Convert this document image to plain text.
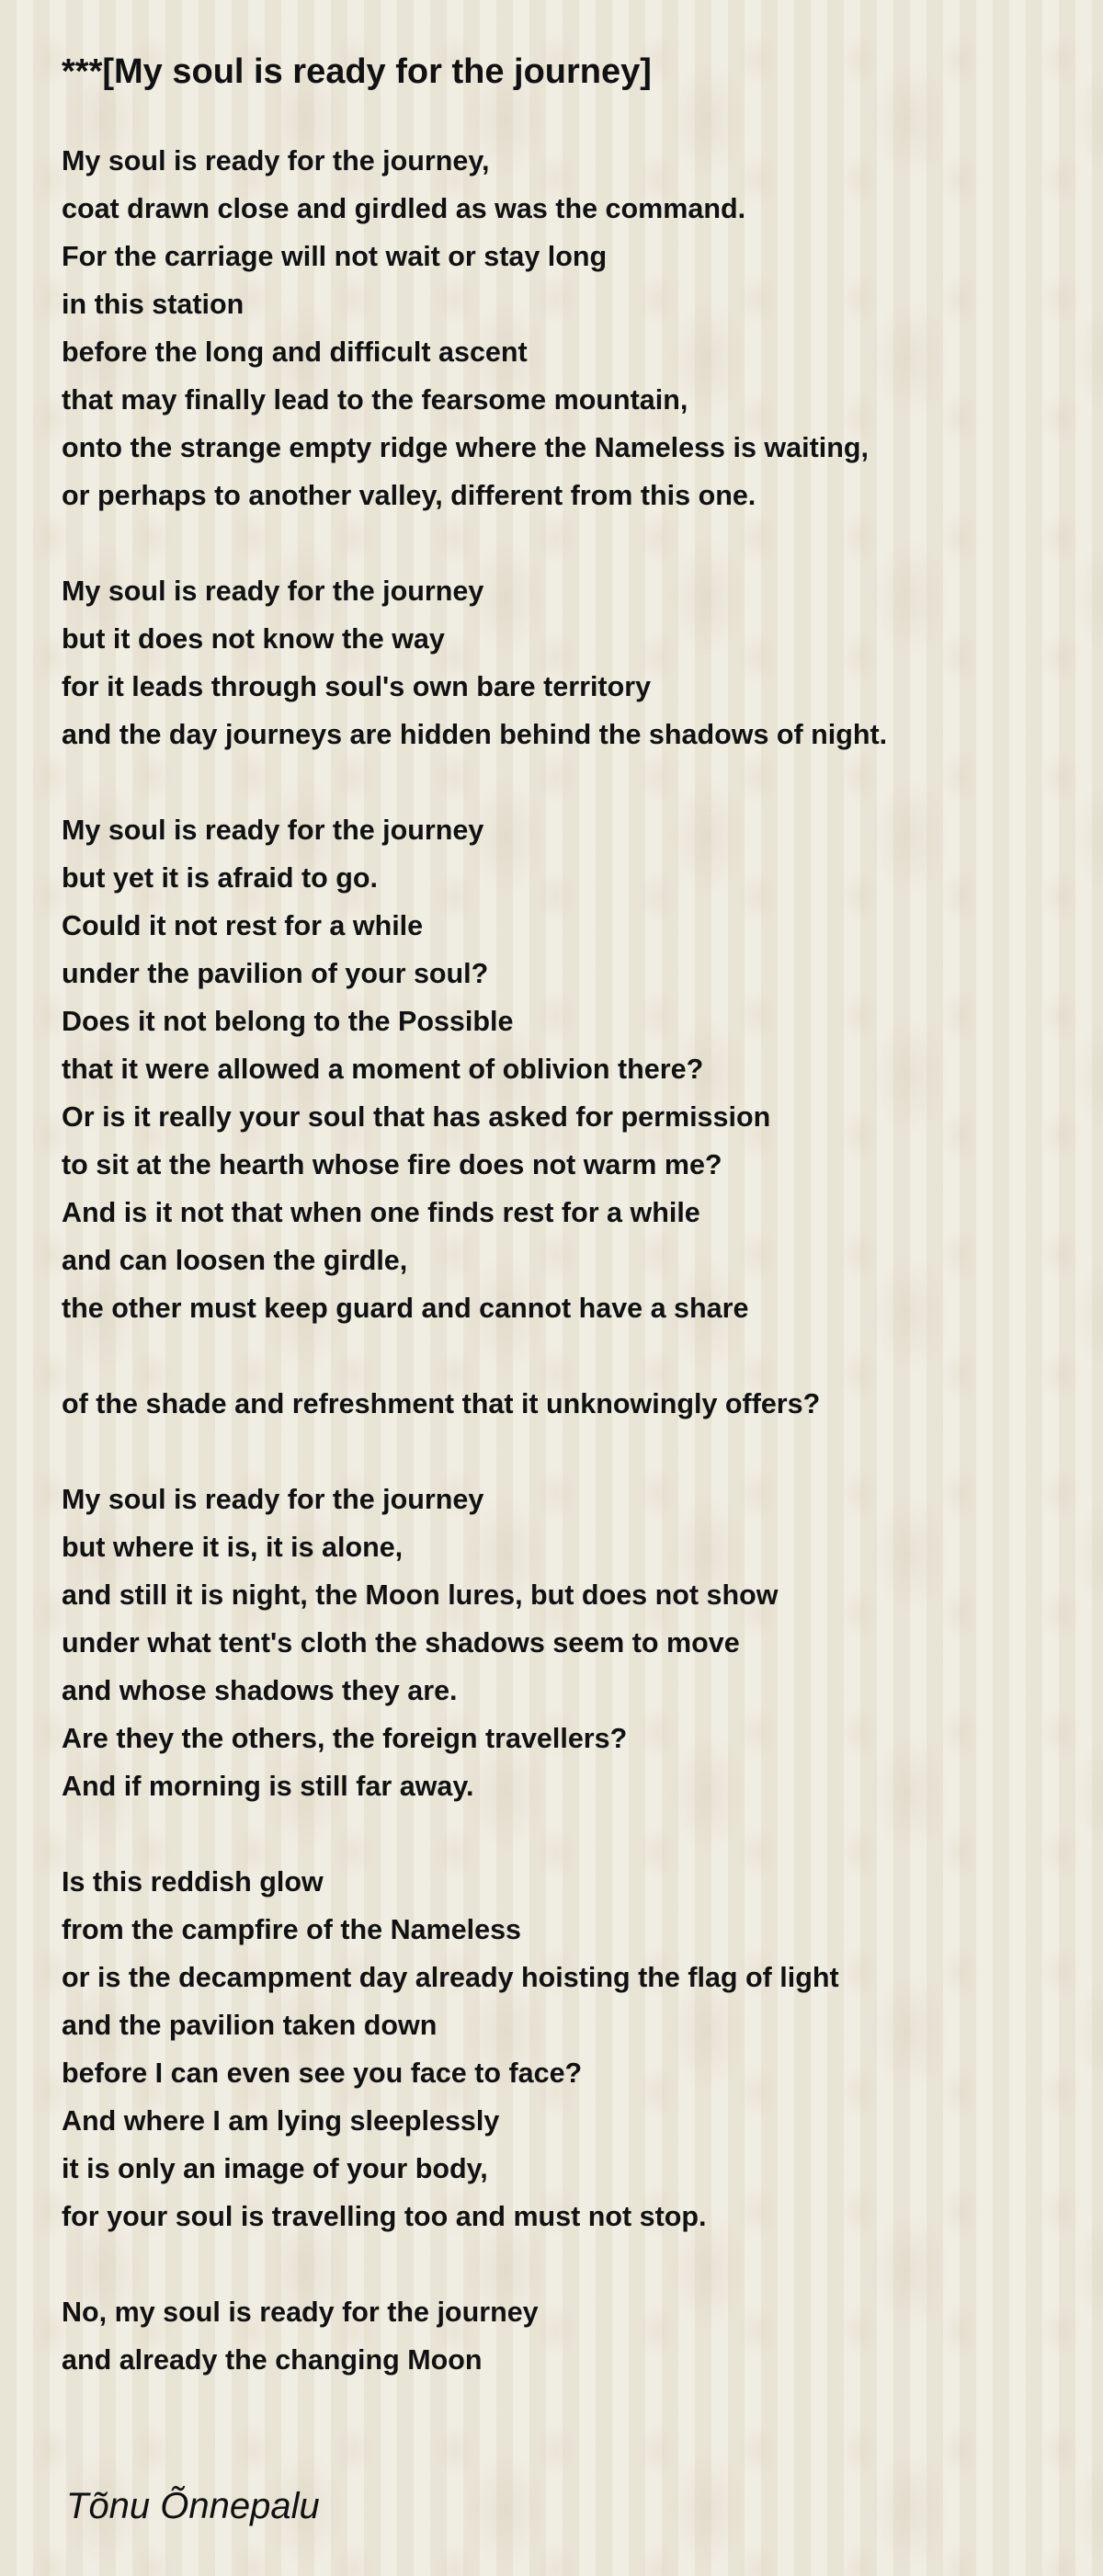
***[My soul is ready for the journey]
My soul is ready for the journey,
coat drawn close and girdled as was the command.
For the carriage will not wait or stay long
in this station
before the long and difficult ascent
that may finally lead to the fearsome mountain,
onto the strange empty ridge where the Nameless is waiting,
or perhaps to another valley, different from this one.
My soul is ready for the journey
but it does not know the way
for it leads through soul's own bare territory
and the day journeys are hidden behind the shadows of night.
My soul is ready for the journey
but yet it is afraid to go.
Could it not rest for a while
under the pavilion of your soul?
Does it not belong to the Possible
that it were allowed a moment of oblivion there?
Or is it really your soul that has asked for permission
to sit at the hearth whose fire does not warm me?
And is it not that when one finds rest for a while
and can loosen the girdle,
the other must keep guard and cannot have a share
of the shade and refreshment that it unknowingly offers?
My soul is ready for the journey
but where it is, it is alone,
and still it is night, the Moon lures, but does not show
under what tent's cloth the shadows seem to move
and whose shadows they are.
Are they the others, the foreign travellers?
And if morning is still far away.
Is this reddish glow
from the campfire of the Nameless
or is the decampment day already hoisting the flag of light
and the pavilion taken down
before I can even see you face to face?
And where I am lying sleeplessly
it is only an image of your body,
for your soul is travelling too and must not stop.
No, my soul is ready for the journey
and already the changing Moon
Tõnu Õnnepalu
